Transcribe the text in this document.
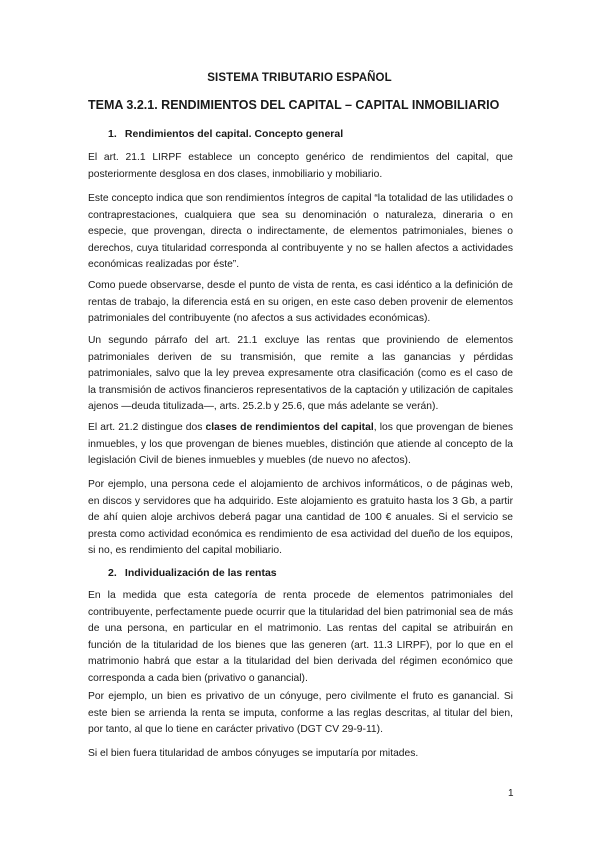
SISTEMA TRIBUTARIO ESPAÑOL
TEMA 3.2.1. RENDIMIENTOS DEL CAPITAL – CAPITAL INMOBILIARIO
1. Rendimientos del capital. Concepto general

El art. 21.1 LIRPF establece un concepto genérico de rendimientos del capital, que posteriormente desglosa en dos clases, inmobiliario y mobiliario.

Este concepto indica que son rendimientos íntegros de capital “la totalidad de las utilidades o contraprestaciones, cualquiera que sea su denominación o naturaleza, dineraria o en especie, que provengan, directa o indirectamente, de elementos patrimoniales, bienes o derechos, cuya titularidad corresponda al contribuyente y no se hallen afectos a actividades económicas realizadas por éste”.

Como puede observarse, desde el punto de vista de renta, es casi idéntico a la definición de rentas de trabajo, la diferencia está en su origen, en este caso deben provenir de elementos patrimoniales del contribuyente (no afectos a sus actividades económicas).

Un segundo párrafo del art. 21.1 excluye las rentas que proviniendo de elementos patrimoniales deriven de su transmisión, que remite a las ganancias y pérdidas patrimoniales, salvo que la ley prevea expresamente otra clasificación (como es el caso de la transmisión de activos financieros representativos de la captación y utilización de capitales ajenos —deuda titulizada—, arts. 25.2.b y 25.6, que más adelante se verán).

El art. 21.2 distingue dos clases de rendimientos del capital, los que provengan de bienes inmuebles, y los que provengan de bienes muebles, distinción que atiende al concepto de la legislación Civil de bienes inmuebles y muebles (de nuevo no afectos).

Por ejemplo, una persona cede el alojamiento de archivos informáticos, o de páginas web, en discos y servidores que ha adquirido. Este alojamiento es gratuito hasta los 3 Gb, a partir de ahí quien aloje archivos deberá pagar una cantidad de 100 € anuales. Si el servicio se presta como actividad económica es rendimiento de esa actividad del dueño de los equipos, si no, es rendimiento del capital mobiliario.

2. Individualización de las rentas

En la medida que esta categoría de renta procede de elementos patrimoniales del contribuyente, perfectamente puede ocurrir que la titularidad del bien patrimonial sea de más de una persona, en particular en el matrimonio. Las rentas del capital se atribuirán en función de la titularidad de los bienes que las generen (art. 11.3 LIRPF), por lo que en el matrimonio habrá que estar a la titularidad del bien derivada del régimen económico que corresponda a cada bien (privativo o ganancial).

Por ejemplo, un bien es privativo de un cónyuge, pero civilmente el fruto es ganancial. Si este bien se arrienda la renta se imputa, conforme a las reglas descritas, al titular del bien, por tanto, al que lo tiene en carácter privativo (DGT CV 29-9-11).

Si el bien fuera titularidad de ambos cónyuges se imputaría por mitades.

1
